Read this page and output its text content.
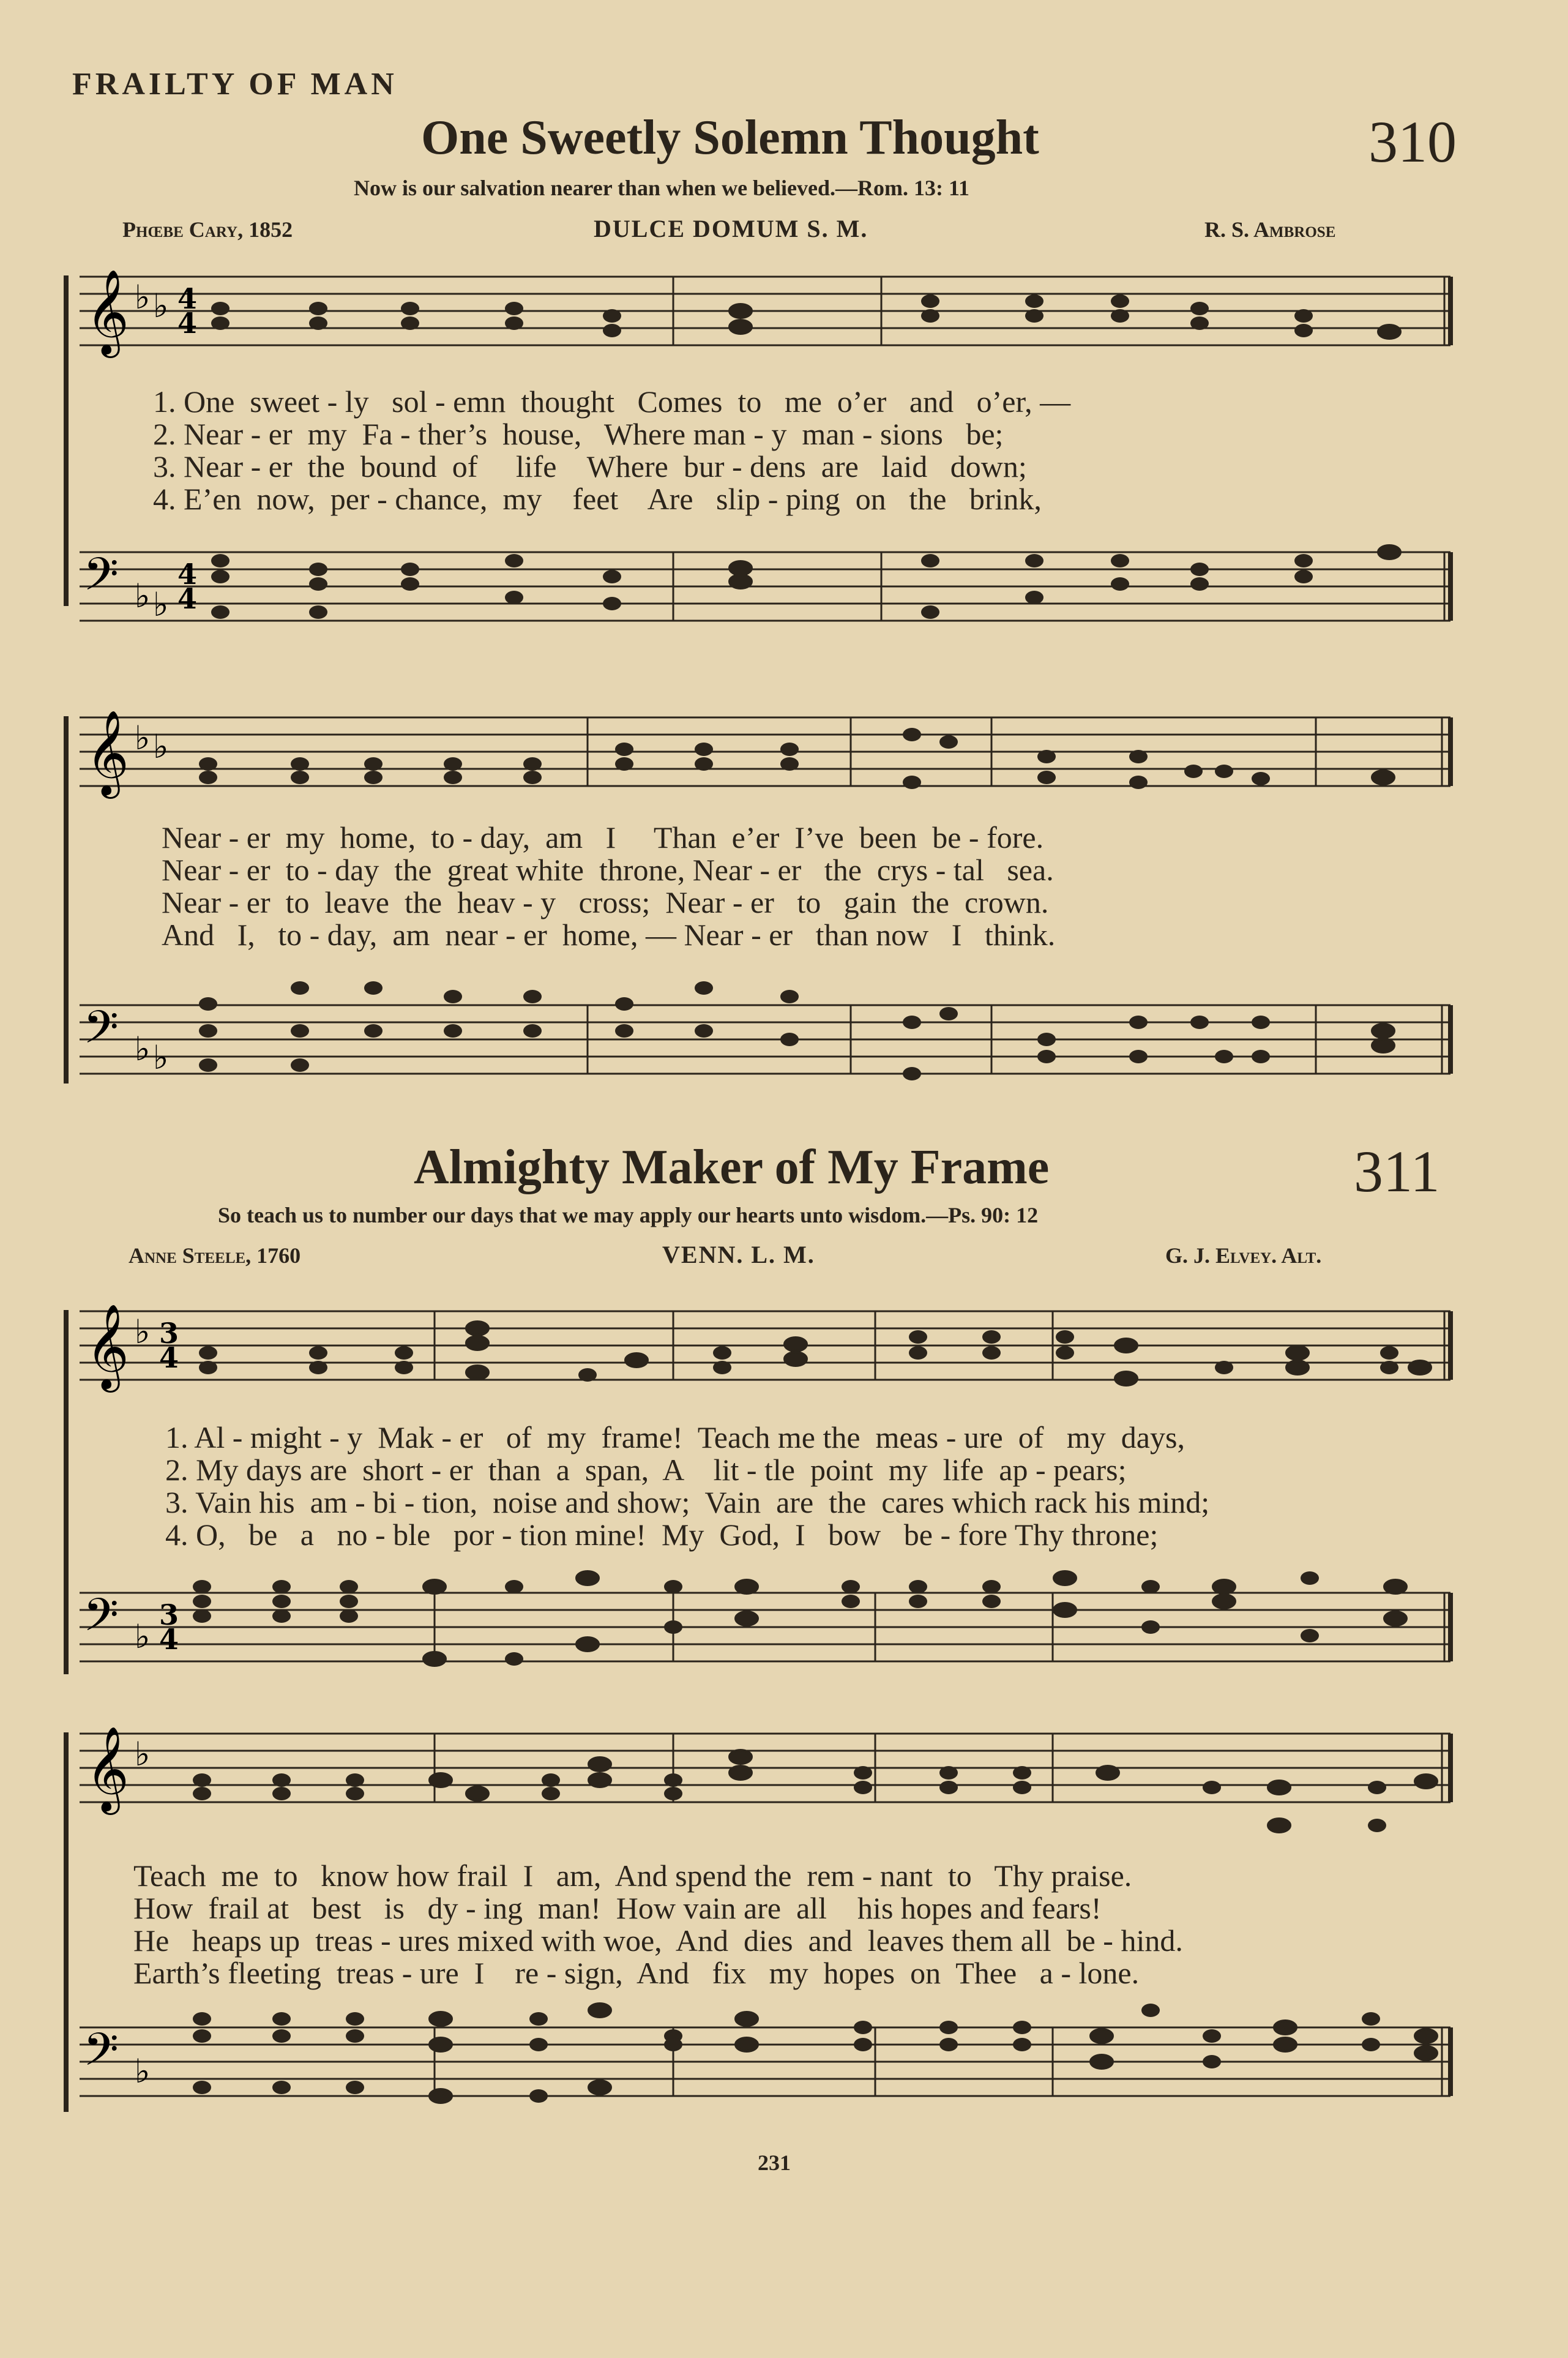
FRAILTY OF MAN
One Sweetly Solemn Thought	310
Now is our salvation nearer than when we believed.—Rom. 13: 11
Phœbe Cary, 1852	DULCE DOMUM S. M.	R. S. Ambrose
𝄞 ♭ ♭ 4
4
1. One  sweet - ly   sol - emn  thought   Comes  to   me  o’er   and   o’er, —
2. Near - er  my  Fa - ther’s  house,   Where man - y  man - sions   be;
3. Near - er  the  bound  of     life    Where  bur - dens  are   laid   down;
4. E’en  now,  per - chance,  my    feet    Are   slip - ping  on   the   brink,
𝄢 ♭ ♭
4
4
𝄞 ♭ ♭
Near - er  my  home,  to - day,  am   I     Than  e’er  I’ve  been  be - fore.
Near - er  to - day  the  great white  throne, Near - er   the  crys - tal   sea.
Near - er  to  leave  the  heav - y   cross;  Near - er   to   gain  the  crown.
And   I,   to - day,  am  near - er  home, — Near - er   than now   I   think.
𝄢 ♭ ♭
Almighty Maker of My Frame	311
So teach us to number our days that we may apply our hearts unto wisdom.—Ps. 90: 12
Anne Steele, 1760	VENN. L. M.	G. J. Elvey. Alt.
𝄞 ♭ 3
4
1. Al - might - y  Mak - er   of  my  frame!  Teach me the  meas - ure  of   my  days,
2. My days are  short - er  than  a  span,  A    lit - tle  point  my  life  ap - pears;
3. Vain his  am - bi - tion,  noise and show;  Vain  are  the  cares which rack his mind;
4. O,   be   a   no - ble   por - tion mine!  My  God,  I   bow   be - fore Thy throne;
𝄢 ♭
3
4
𝄞 ♭
Teach  me  to   know how frail  I   am,  And spend the  rem - nant  to   Thy praise.
How  frail at   best   is   dy - ing  man!  How vain are  all    his hopes and fears!
He   heaps up  treas - ures mixed with woe,  And  dies  and  leaves them all  be - hind.
Earth’s fleeting  treas - ure  I    re - sign,  And   fix   my  hopes  on  Thee   a - lone.
𝄢 ♭
231
